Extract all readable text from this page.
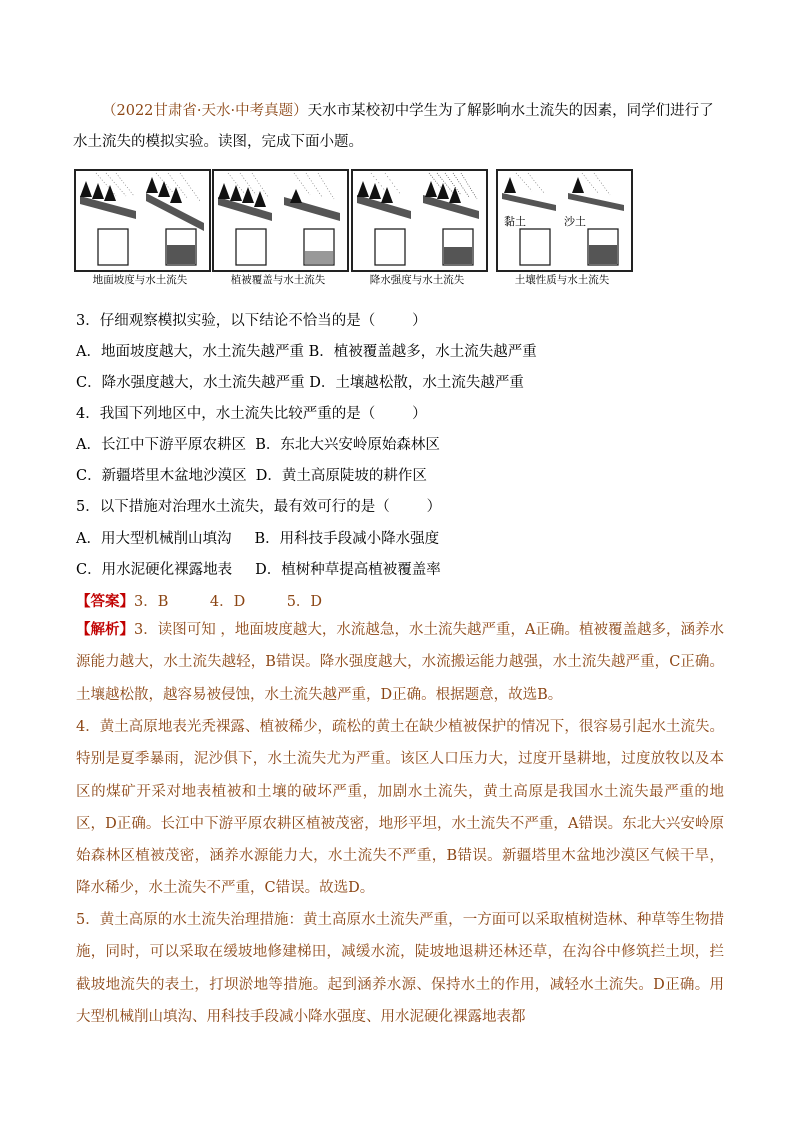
（2022甘肃省·天水·中考真题）天水市某校初中学生为了解影响水土流失的因素，同学们进行了水土流失的模拟实验。读图，完成下面小题。
地面坡度与水土流失	植被覆盖与水土流失	降水强度与水土流失
黏土	沙土
土壤性质与水土流失
3．仔细观察模拟实验，以下结论不恰当的是（        ）
A．地面坡度越大，水土流失越严重 B．植被覆盖越多，水土流失越严重
C．降水强度越大，水土流失越严重 D．土壤越松散，水土流失越严重
4．我国下列地区中，水土流失比较严重的是（        ）
A．长江中下游平原农耕区  B．东北大兴安岭原始森林区
C．新疆塔里木盆地沙漠区  D．黄土高原陡坡的耕作区
5．以下措施对治理水土流失，最有效可行的是（        ）
A．用大型机械削山填沟     B．用科技手段减小降水强度
C．用水泥硬化裸露地表     D．植树种草提高植被覆盖率
【答案】3．B         4．D         5．D
【解析】3．读图可知 ，地面坡度越大，水流越急，水土流失越严重，A正确。植被覆盖越多，涵养水源能力越大，水土流失越轻，B错误。降水强度越大，水流搬运能力越强，水土流失越严重，C正确。土壤越松散，越容易被侵蚀，水土流失越严重，D正确。根据题意，故选B。
4．黄土高原地表光秃裸露、植被稀少，疏松的黄土在缺少植被保护的情况下，很容易引起水土流失。特别是夏季暴雨，泥沙俱下，水土流失尤为严重。该区人口压力大，过度开垦耕地，过度放牧以及本区的煤矿开采对地表植被和土壤的破坏严重，加剧水土流失，黄土高原是我国水土流失最严重的地区，D正确。长江中下游平原农耕区植被茂密，地形平坦，水土流失不严重，A错误。东北大兴安岭原始森林区植被茂密，涵养水源能力大，水土流失不严重，B错误。新疆塔里木盆地沙漠区气候干旱，降水稀少，水土流失不严重，C错误。故选D。
5．黄土高原的水土流失治理措施：黄土高原水土流失严重，一方面可以采取植树造林、种草等生物措施，同时，可以采取在缓坡地修建梯田，减缓水流，陡坡地退耕还林还草，在沟谷中修筑拦土坝，拦截坡地流失的表土，打坝淤地等措施。起到涵养水源、保持水土的作用，减轻水土流失。D正确。用大型机械削山填沟、用科技手段减小降水强度、用水泥硬化裸露地表都
